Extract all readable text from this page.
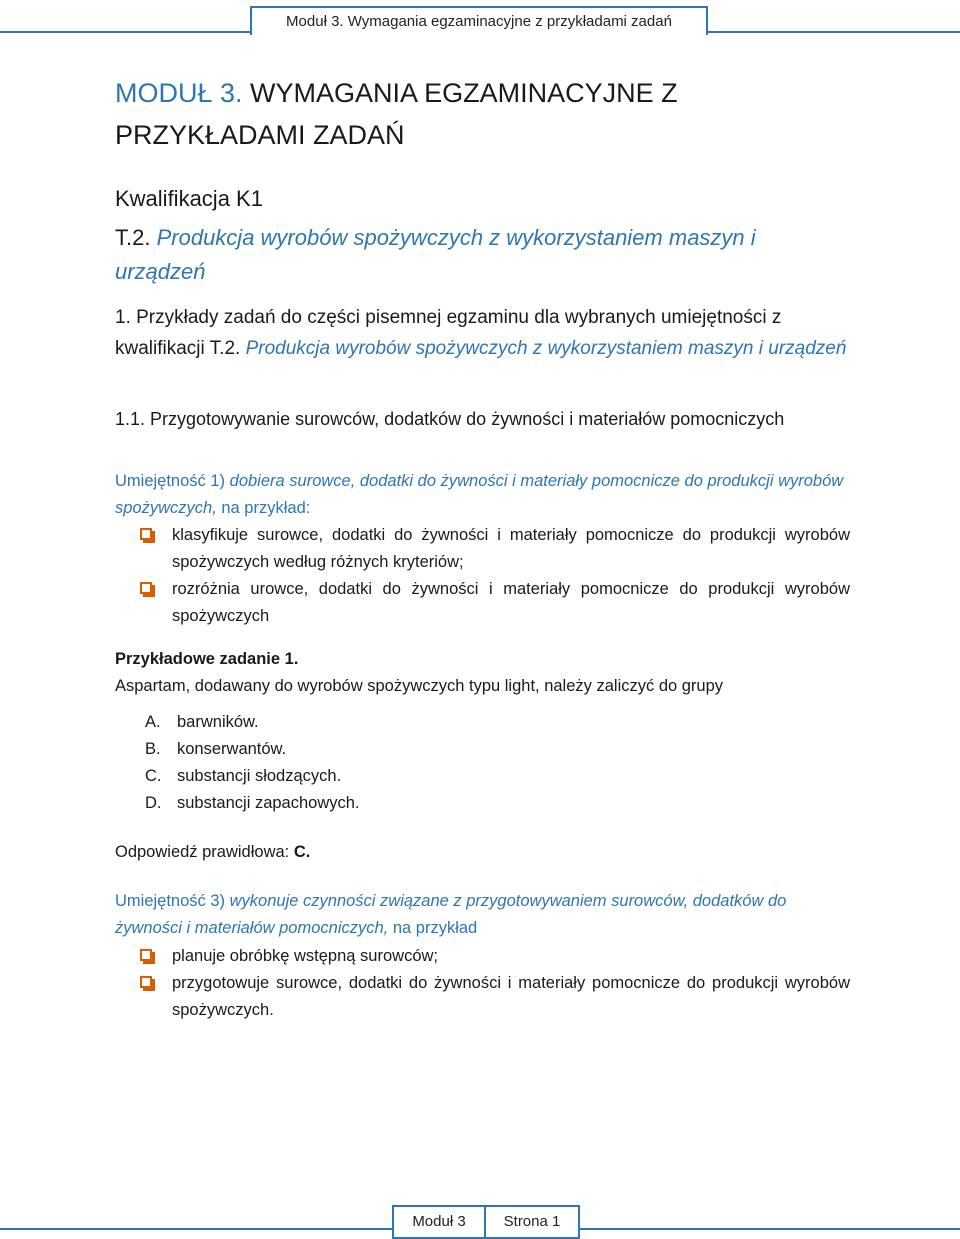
Moduł 3. Wymagania egzaminacyjne z przykładami zadań
MODUŁ 3. WYMAGANIA EGZAMINACYJNE Z PRZYKŁADAMI ZADAŃ
Kwalifikacja K1
T.2. Produkcja wyrobów spożywczych z wykorzystaniem maszyn i urządzeń
1. Przykłady zadań do części pisemnej egzaminu dla wybranych umiejętności z kwalifikacji T.2. Produkcja wyrobów spożywczych z wykorzystaniem maszyn i urządzeń
1.1. Przygotowywanie surowców, dodatków do żywności i materiałów pomocniczych
Umiejętność 1) dobiera surowce, dodatki do żywności i materiały pomocnicze do produkcji wyrobów spożywczych, na przykład:
klasyfikuje surowce, dodatki do żywności i materiały pomocnicze do produkcji wyrobów spożywczych według różnych kryteriów;
rozróżnia urowce, dodatki do żywności i materiały pomocnicze do produkcji wyrobów spożywczych
Przykładowe zadanie 1.
Aspartam, dodawany do wyrobów spożywczych typu light, należy zaliczyć do grupy
A. barwników.
B. konserwantów.
C. substancji słodzących.
D. substancji zapachowych.
Odpowiedź prawidłowa: C.
Umiejętność 3) wykonuje czynności związane z przygotowywaniem surowców, dodatków do żywności i materiałów pomocniczych, na przykład
planuje obróbkę wstępną surowców;
przygotowuje surowce, dodatki do żywności i materiały pomocnicze do produkcji wyrobów spożywczych.
Moduł 3	Strona 1
